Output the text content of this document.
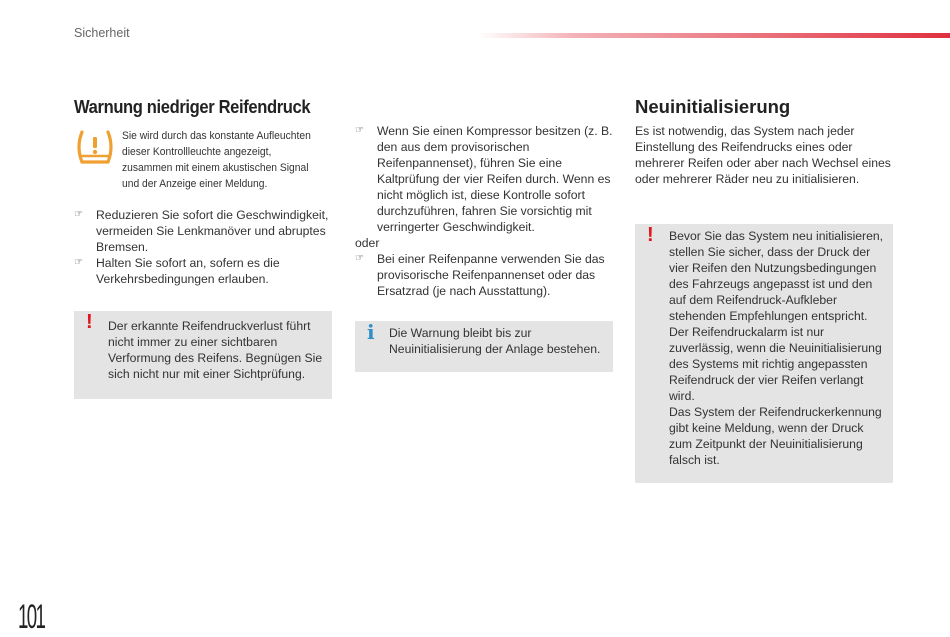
Sicherheit
Warnung niedriger Reifendruck
Sie wird durch das konstante Aufleuchten dieser Kontrollleuchte angezeigt, zusammen mit einem akustischen Signal und der Anzeige einer Meldung.
☞ Reduzieren Sie sofort die Geschwindigkeit, vermeiden Sie Lenkmanöver und abruptes Bremsen.
☞ Halten Sie sofort an, sofern es die Verkehrsbedingungen erlauben.
!	Der erkannte Reifendruckverlust führt nicht immer zu einer sichtbaren Verformung des Reifens. Begnügen Sie sich nicht nur mit einer Sichtprüfung.
☞ Wenn Sie einen Kompressor besitzen (z. B. den aus dem provisorischen Reifenpannenset), führen Sie eine Kaltprüfung der vier Reifen durch. Wenn es nicht möglich ist, diese Kontrolle sofort durchzuführen, fahren Sie vorsichtig mit verringerter Geschwindigkeit.

oder

☞ Bei einer Reifenpanne verwenden Sie das provisorische Reifenpannenset oder das Ersatzrad (je nach Ausstattung).
i	Die Warnung bleibt bis zur Neuinitialisierung der Anlage bestehen.
Neuinitialisierung

Es ist notwendig, das System nach jeder Einstellung des Reifendrucks eines oder mehrerer Reifen oder aber nach Wechsel eines oder mehrerer Räder neu zu initialisieren.

!	Bevor Sie das System neu initialisieren, stellen Sie sicher, dass der Druck der vier Reifen den Nutzungsbedingungen des Fahrzeugs angepasst ist und den auf dem Reifendruck-Aufkleber stehenden Empfehlungen entspricht.
Der Reifendruckalarm ist nur zuverlässig, wenn die Neuinitialisierung des Systems mit richtig angepassten Reifendruck der vier Reifen verlangt wird.
Das System der Reifendruckerkennung gibt keine Meldung, wenn der Druck zum Zeitpunkt der Neuinitialisierung falsch ist.
101
